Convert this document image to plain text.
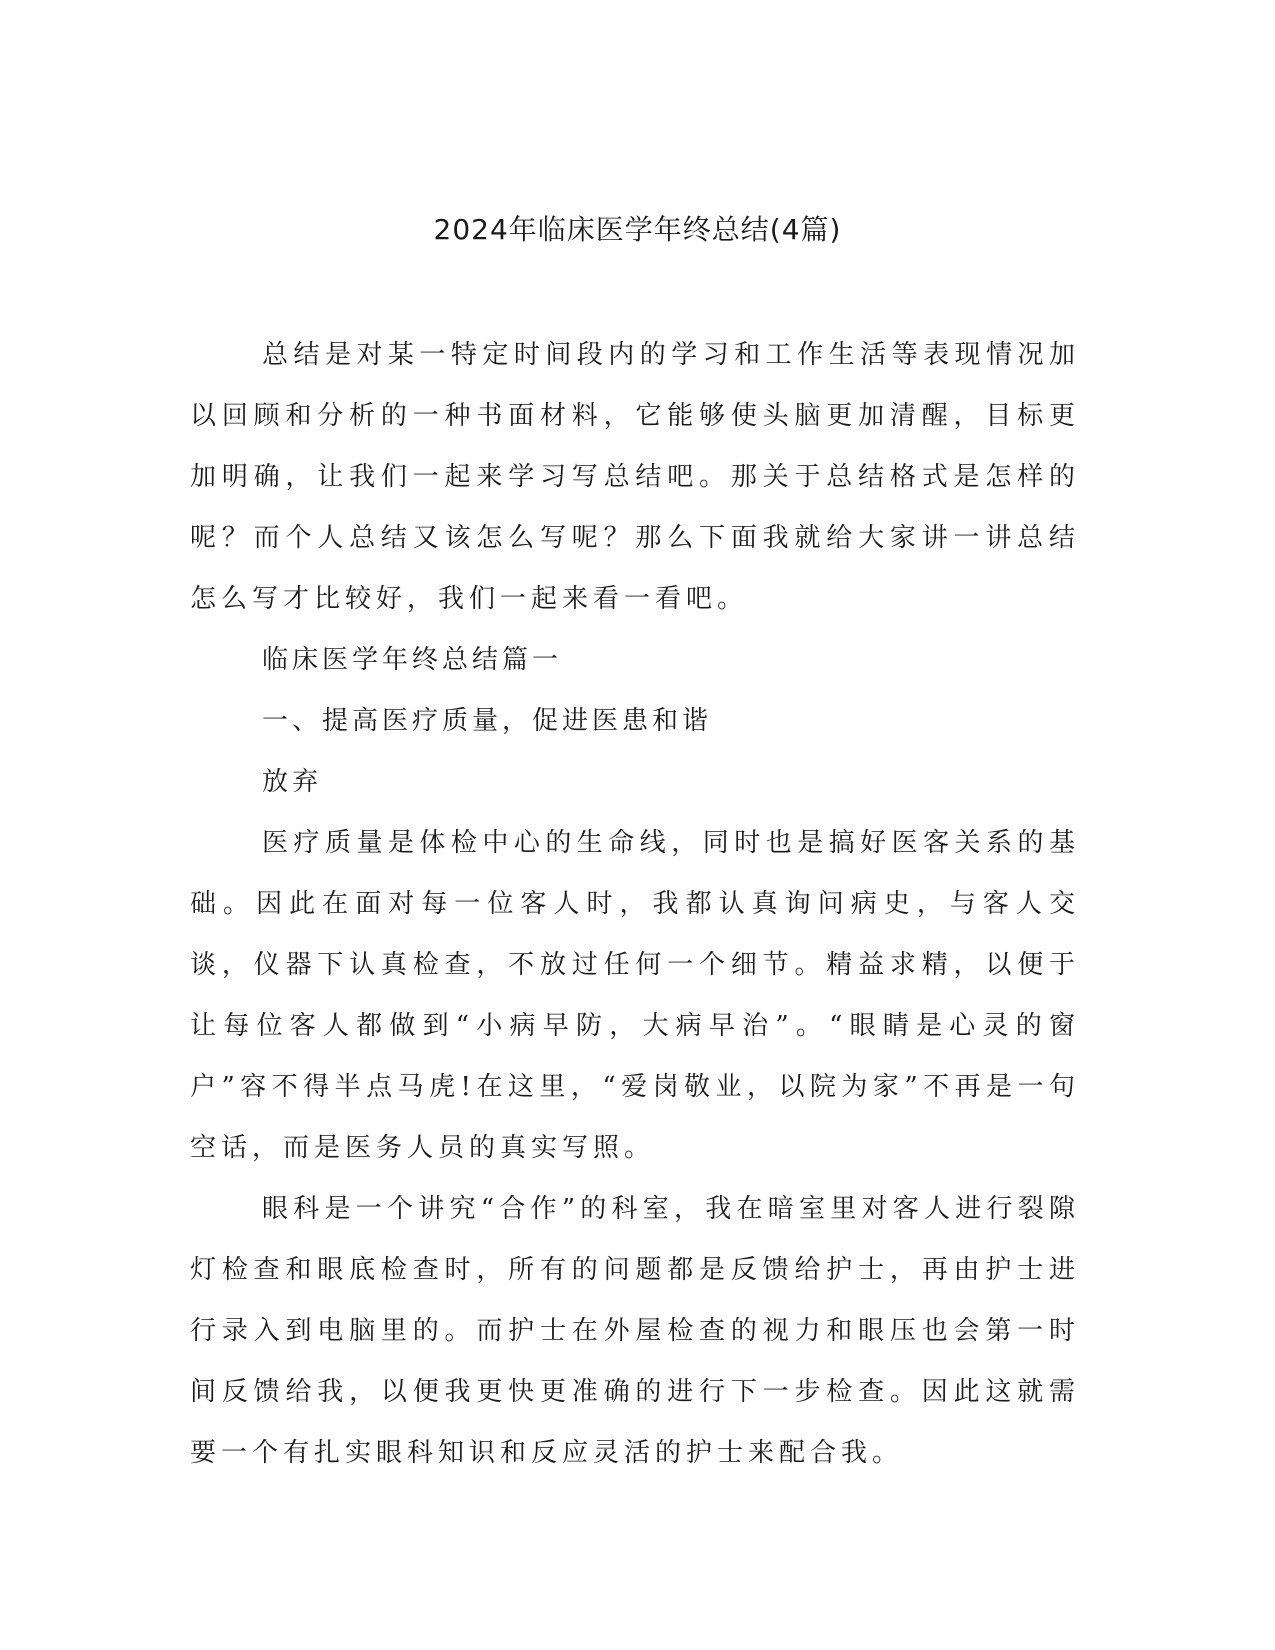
2024年临床医学年终总结(4篇)

总结是对某一特定时间段内的学习和工作生活等表现情况加以回顾和分析的一种书面材料，它能够使头脑更加清醒，目标更加明确，让我们一起来学习写总结吧。那关于总结格式是怎样的呢？而个人总结又该怎么写呢？那么下面我就给大家讲一讲总结怎么写才比较好，我们一起来看一看吧。

临床医学年终总结篇一

一、提高医疗质量，促进医患和谐

放弃

医疗质量是体检中心的生命线，同时也是搞好医客关系的基础。因此在面对每一位客人时，我都认真询问病史，与客人交谈，仪器下认真检查，不放过任何一个细节。精益求精，以便于让每位客人都做到“小病早防，大病早治”。“眼睛是心灵的窗户”容不得半点马虎!在这里，“爱岗敬业，以院为家”不再是一句空话，而是医务人员的真实写照。

眼科是一个讲究“合作”的科室，我在暗室里对客人进行裂隙灯检查和眼底检查时，所有的问题都是反馈给护士，再由护士进行录入到电脑里的。而护士在外屋检查的视力和眼压也会第一时间反馈给我，以便我更快更准确的进行下一步检查。因此这就需要一个有扎实眼科知识和反应灵活的护士来配合我。
